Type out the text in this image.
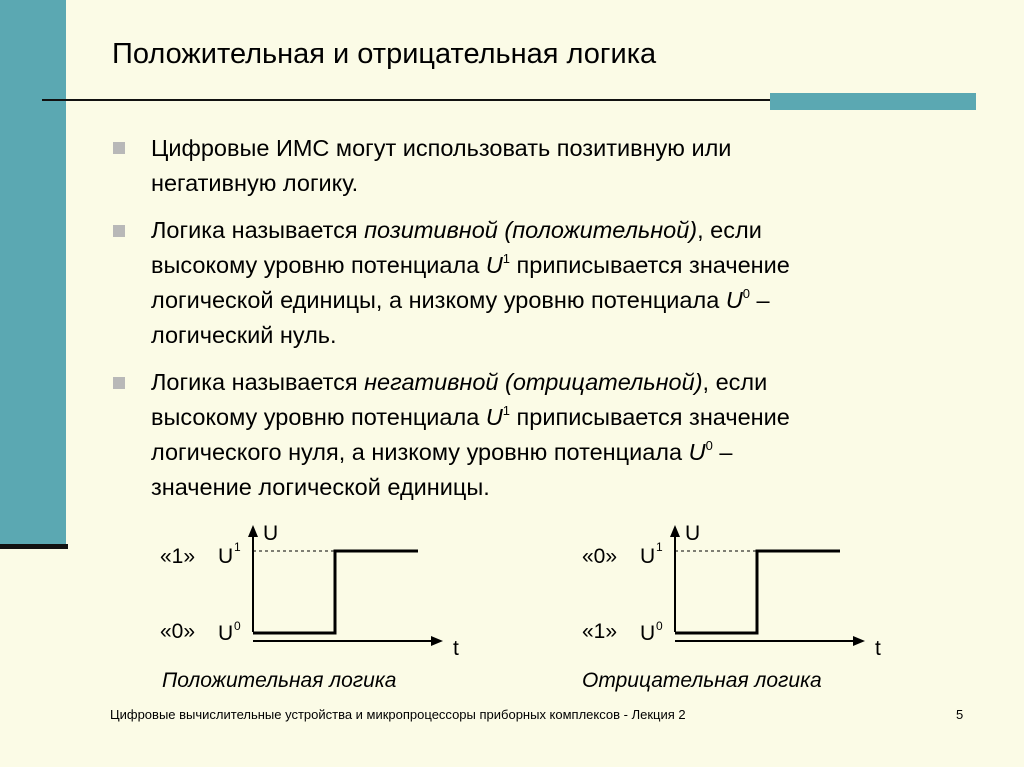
Положительная и отрицательная логика
Цифровые ИМС могут использовать позитивную или
негативную логику.
Логика называется позитивной (положительной), если
высокому уровню потенциала $U^1$ приписывается значение
логической единицы, а низкому уровню потенциала $U^0$ –
логический нуль.
Логика называется негативной (отрицательной), если
высокому уровню потенциала $U^1$ приписывается значение
логического нуля, а низкому уровню потенциала $U^0$ –
значение логической единицы.
U
t
«1»
«0»
U 1
U 0
Положительная логика
U
t
«0»
«1»
U 1
U 0
Отрицательная логика
Цифровые вычислительные устройства и микропроцессоры приборных комплексов - Лекция 2	5
